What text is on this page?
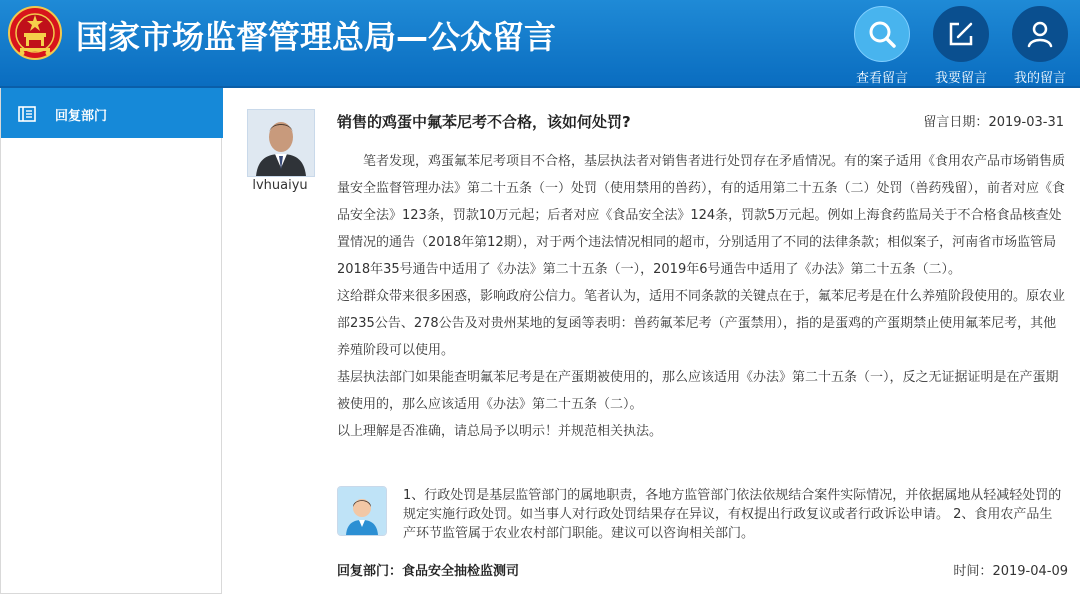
国家市场监督管理总局—公众留言
查看留言	我要留言	我的留言
回复部门
lvhuaiyu
销售的鸡蛋中氟苯尼考不合格，该如何处罚?	留言日期：2019-03-31

笔者发现，鸡蛋氟苯尼考项目不合格，基层执法者对销售者进行处罚存在矛盾情况。有的案子适用《食用农产品市场销售质量安全监督管理办法》第二十五条（一）处罚（使用禁用的兽药），有的适用第二十五条（二）处罚（兽药残留），前者对应《食品安全法》123条，罚款10万元起；后者对应《食品安全法》124条，罚款5万元起。例如上海食药监局关于不合格食品核查处置情况的通告（2018年第12期），对于两个违法情况相同的超市，分别适用了不同的法律条款；相似案子，河南省市场监管局2018年35号通告中适用了《办法》第二十五条（一），2019年6号通告中适用了《办法》第二十五条（二）。

这给群众带来很多困惑，影响政府公信力。笔者认为，适用不同条款的关键点在于，氟苯尼考是在什么养殖阶段使用的。原农业部235公告、278公告及对贵州某地的复函等表明：兽药氟苯尼考（产蛋禁用），指的是蛋鸡的产蛋期禁止使用氟苯尼考，其他养殖阶段可以使用。

基层执法部门如果能查明氟苯尼考是在产蛋期被使用的，那么应该适用《办法》第二十五条（一），反之无证据证明是在产蛋期被使用的，那么应该适用《办法》第二十五条（二）。

以上理解是否准确，请总局予以明示！并规范相关执法。

1、行政处罚是基层监管部门的属地职责，各地方监管部门依法依规结合案件实际情况，并依据属地从轻减轻处罚的规定实施行政处罚。如当事人对行政处罚结果存在异议，有权提出行政复议或者行政诉讼申请。 2、食用农产品生产环节监管属于农业农村部门职能。建议可以咨询相关部门。
回复部门：食品安全抽检监测司	时间：2019-04-09
